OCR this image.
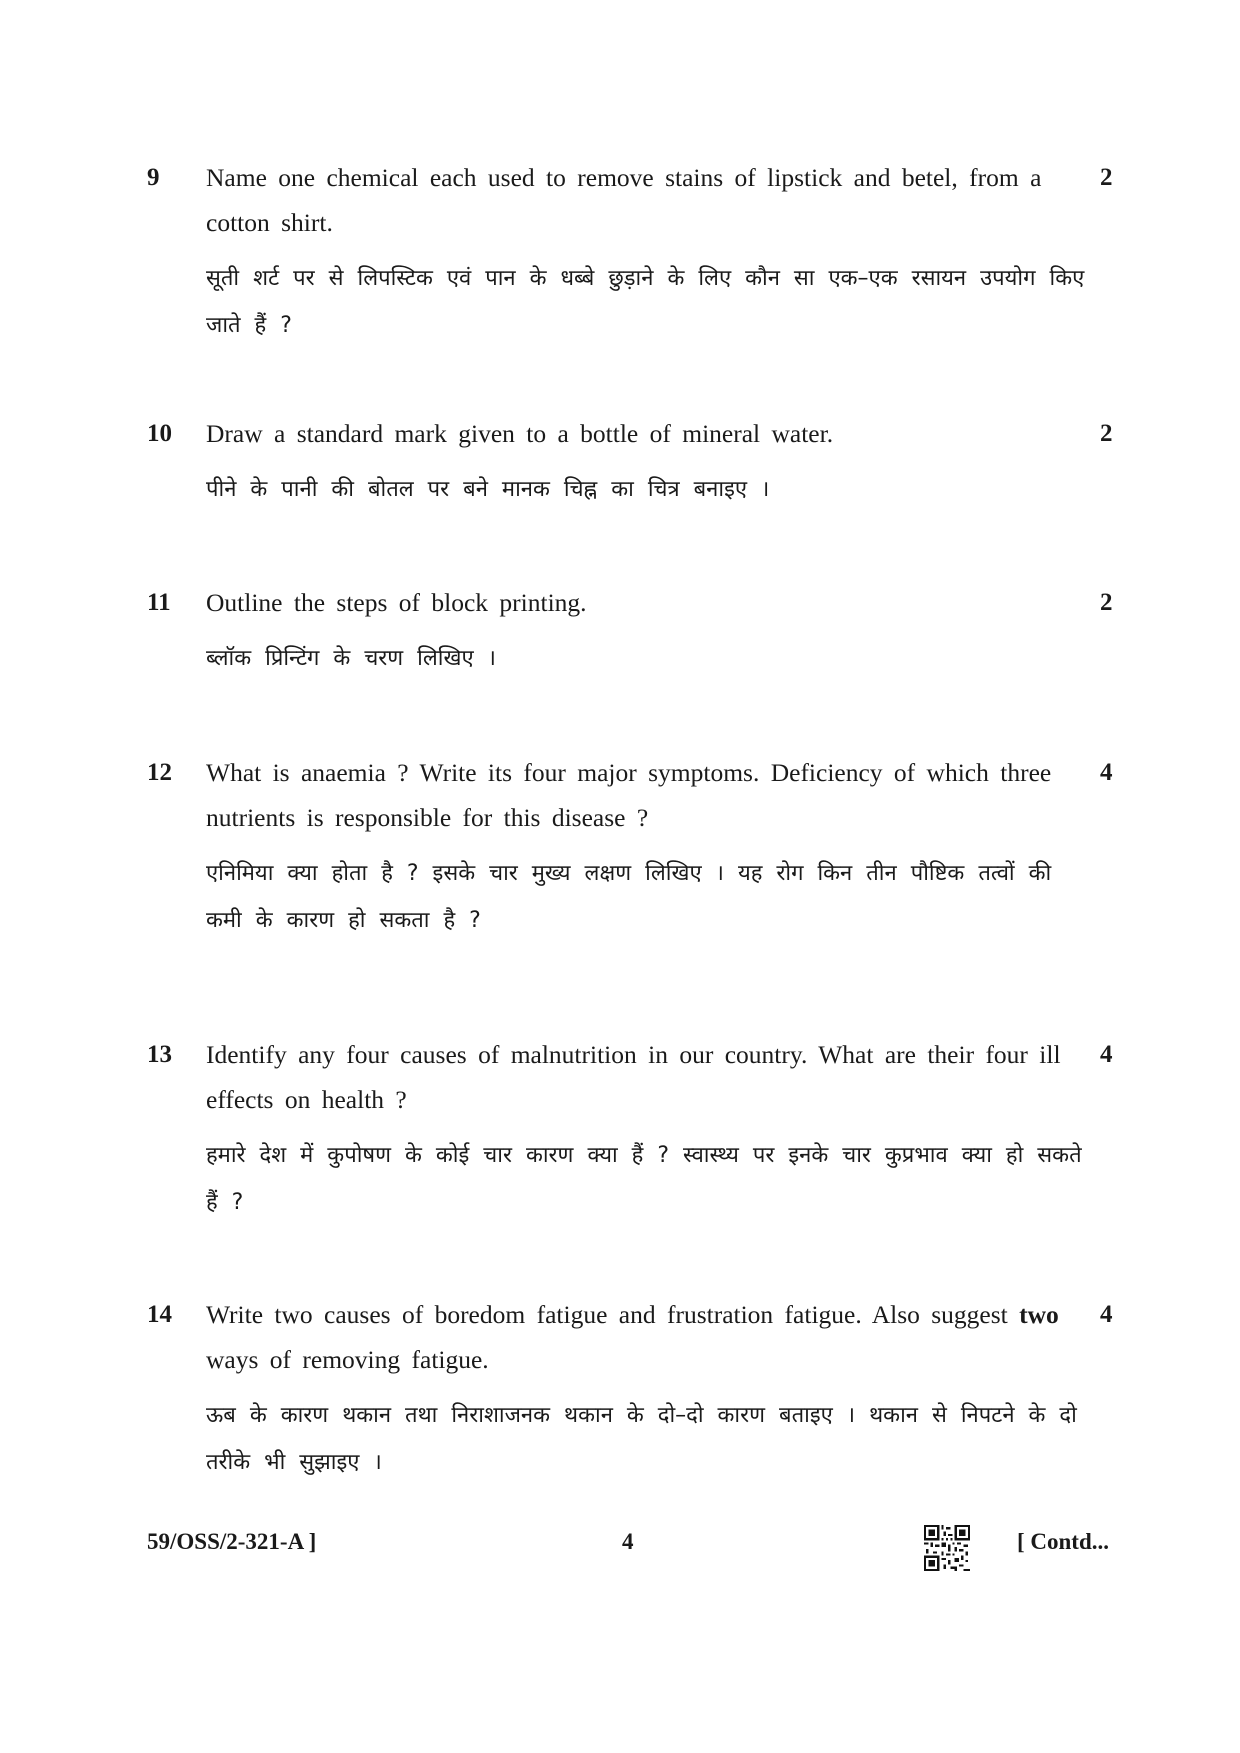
9 Name one chemical each used to remove stains of lipstick and betel, from a cotton shirt.

सूती शर्ट पर से लिपस्टिक एवं पान के धब्बे छुड़ाने के लिए कौन सा एक–एक रसायन उपयोग किए जाते हैं ?

2
10 Draw a standard mark given to a bottle of mineral water.

पीने के पानी की बोतल पर बने मानक चिह्न का चित्र बनाइए ।

2
11 Outline the steps of block printing.

ब्लॉक प्रिन्टिंग के चरण लिखिए ।

2
12 What is anaemia ? Write its four major symptoms. Deficiency of which three nutrients is responsible for this disease ?

एनिमिया क्या होता है ? इसके चार मुख्य लक्षण लिखिए । यह रोग किन तीन पौष्टिक तत्वों की कमी के कारण हो सकता है ?

4
13 Identify any four causes of malnutrition in our country. What are their four ill effects on health ?

हमारे देश में कुपोषण के कोई चार कारण क्या हैं ? स्वास्थ्य पर इनके चार कुप्रभाव क्या हो सकते हैं ?

4
14 Write two causes of boredom fatigue and frustration fatigue. Also suggest two ways of removing fatigue.

ऊब के कारण थकान तथा निराशाजनक थकान के दो–दो कारण बताइए । थकान से निपटने के दो तरीके भी सुझाइए ।

4
59/OSS/2-321-A ]	4	[ Contd...
